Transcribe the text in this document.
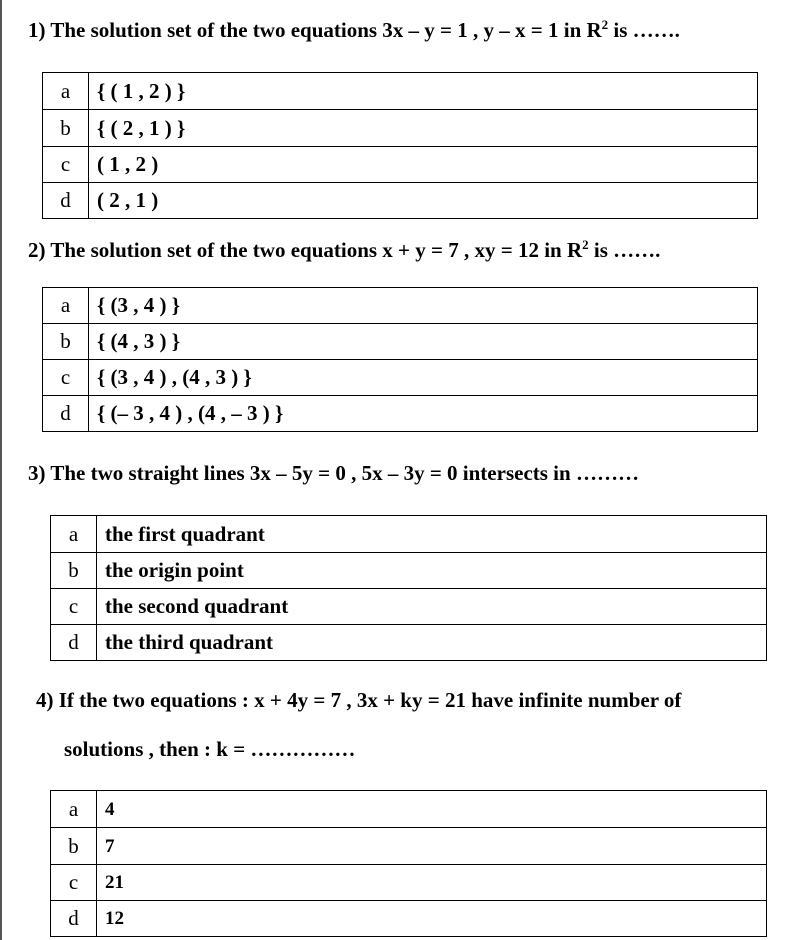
1) The solution set of the two equations 3x – y = 1 , y – x = 1 in $R^2$ is …….
a	{ ( 1 , 2 ) }
b	{ ( 2 , 1 ) }
c	( 1 , 2 )
d	( 2 , 1 )
2) The solution set of the two equations x + y = 7 , xy = 12 in $R^2$ is …….
a	{ (3 , 4 ) }
b	{ (4 , 3 ) }
c	{ (3 , 4 ) , (4 , 3 ) }
d	{ (– 3 , 4 ) , (4 , – 3 ) }
3) The two straight lines 3x – 5y = 0 , 5x – 3y = 0 intersects in ………
a	the first quadrant
b	the origin point
c	the second quadrant
d	the third quadrant
4) If the two equations : x + 4y = 7 , 3x + ky = 21 have infinite number of
solutions , then : k = ……………
a	4
b	7
c	21
d	12
